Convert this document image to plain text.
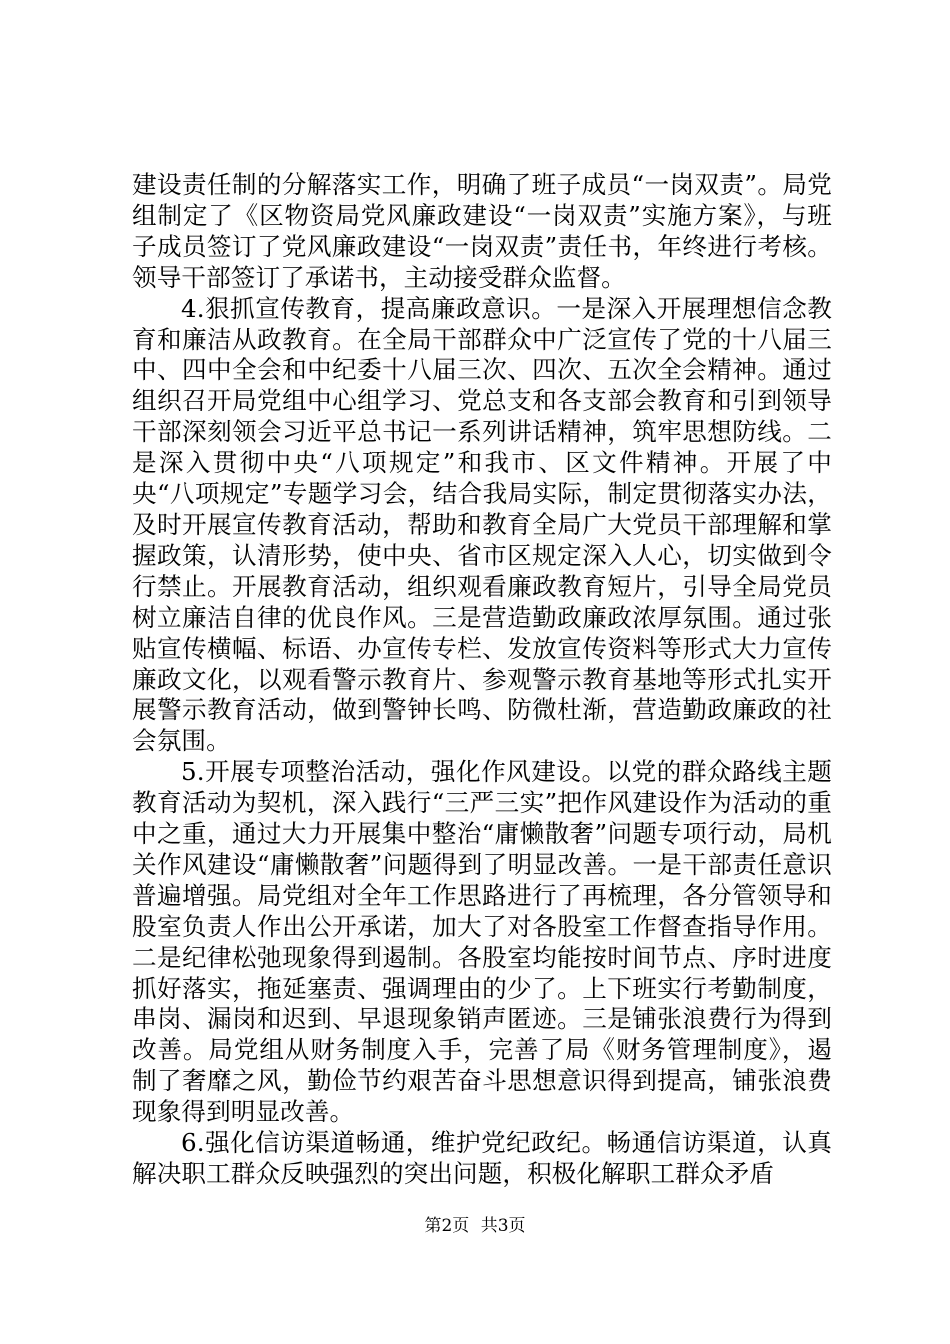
建设责任制的分解落实工作，明确了班子成员“一岗双责”。局党组制定了《区物资局党风廉政建设“一岗双责”实施方案》，与班子成员签订了党风廉政建设“一岗双责”责任书，年终进行考核。领导干部签订了承诺书，主动接受群众监督。

4.狠抓宣传教育，提高廉政意识。一是深入开展理想信念教育和廉洁从政教育。在全局干部群众中广泛宣传了党的十八届三中、四中全会和中纪委十八届三次、四次、五次全会精神。通过组织召开局党组中心组学习、党总支和各支部会教育和引到领导干部深刻领会习近平总书记一系列讲话精神，筑牢思想防线。二是深入贯彻中央“八项规定”和我市、区文件精神。开展了中央“八项规定”专题学习会，结合我局实际，制定贯彻落实办法，及时开展宣传教育活动，帮助和教育全局广大党员干部理解和掌握政策，认清形势，使中央、省市区规定深入人心，切实做到令行禁止。开展教育活动，组织观看廉政教育短片，引导全局党员树立廉洁自律的优良作风。三是营造勤政廉政浓厚氛围。通过张贴宣传横幅、标语、办宣传专栏、发放宣传资料等形式大力宣传廉政文化，以观看警示教育片、参观警示教育基地等形式扎实开展警示教育活动，做到警钟长鸣、防微杜渐，营造勤政廉政的社会氛围。

5.开展专项整治活动，强化作风建设。以党的群众路线主题教育活动为契机，深入践行“三严三实”把作风建设作为活动的重中之重，通过大力开展集中整治“庸懒散奢”问题专项行动，局机关作风建设“庸懒散奢”问题得到了明显改善。一是干部责任意识普遍增强。局党组对全年工作思路进行了再梳理，各分管领导和股室负责人作出公开承诺，加大了对各股室工作督查指导作用。二是纪律松弛现象得到遏制。各股室均能按时间节点、序时进度抓好落实，拖延塞责、强调理由的少了。上下班实行考勤制度，串岗、漏岗和迟到、早退现象销声匿迹。三是铺张浪费行为得到改善。局党组从财务制度入手，完善了局《财务管理制度》，遏制了奢靡之风，勤俭节约艰苦奋斗思想意识得到提高，铺张浪费现象得到明显改善。

6.强化信访渠道畅通，维护党纪政纪。畅通信访渠道，认真解决职工群众反映强烈的突出问题，积极化解职工群众矛盾

第2页 共3页
